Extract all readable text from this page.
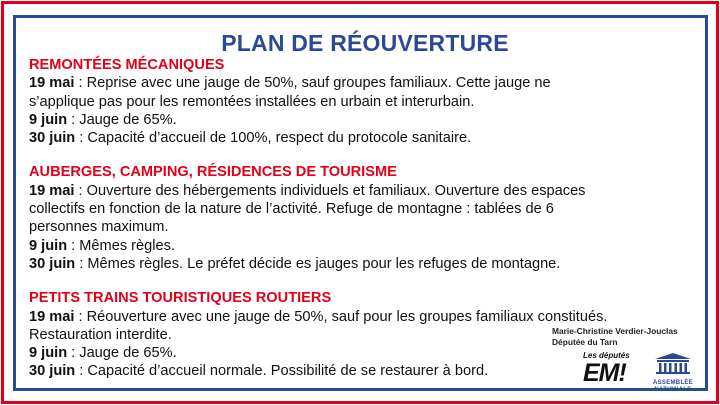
PLAN DE RÉOUVERTURE
REMONTÉES MÉCANIQUES
19 mai : Reprise avec une jauge de 50%, sauf groupes familiaux. Cette jauge ne
s’applique pas pour les remontées installées en urbain et interurbain.
9 juin : Jauge de 65%.
30 juin : Capacité d’accueil de 100%, respect du protocole sanitaire.
AUBERGES, CAMPING, RÉSIDENCES DE TOURISME
19 mai : Ouverture des hébergements individuels et familiaux. Ouverture des espaces
collectifs en fonction de la nature de l’activité. Refuge de montagne : tablées de 6
personnes maximum.
9 juin : Mêmes règles.
30 juin : Mêmes règles. Le préfet décide es jauges pour les refuges de montagne.
PETITS TRAINS TOURISTIQUES ROUTIERS
19 mai : Réouverture avec une jauge de 50%, sauf pour les groupes familiaux constitués.
Restauration interdite.
9 juin : Jauge de 65%.
30 juin : Capacité d’accueil normale. Possibilité de se restaurer à bord.
Marie-Christine Verdier-Jouclas
Députée du Tarn
Les députés
EM!	ASSEMBLÉE
NATIONALE
